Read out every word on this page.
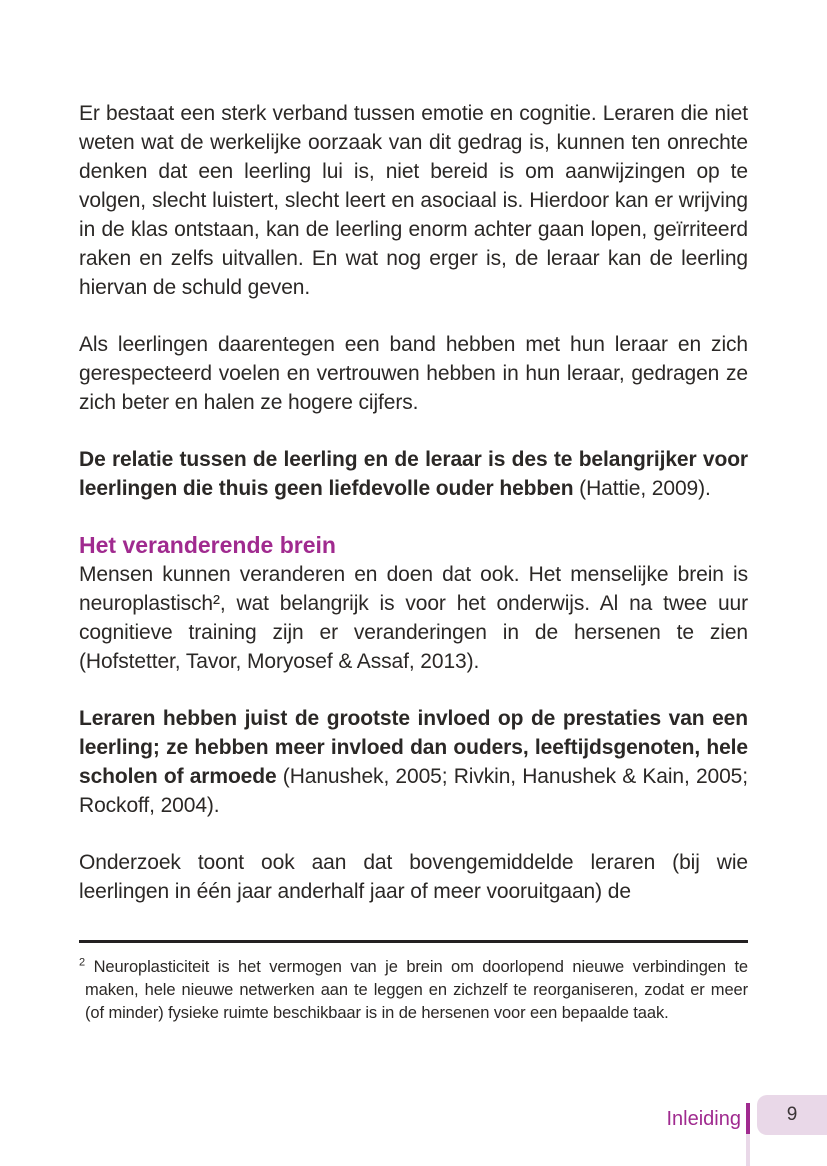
Er bestaat een sterk verband tussen emotie en cognitie. Leraren die niet weten wat de werkelijke oorzaak van dit gedrag is, kunnen ten onrechte denken dat een leerling lui is, niet bereid is om aanwijzingen op te volgen, slecht luistert, slecht leert en asociaal is. Hierdoor kan er wrijving in de klas ontstaan, kan de leerling enorm achter gaan lopen, geïrriteerd raken en zelfs uitvallen. En wat nog erger is, de leraar kan de leerling hiervan de schuld geven.

Als leerlingen daarentegen een band hebben met hun leraar en zich gerespecteerd voelen en vertrouwen hebben in hun leraar, gedragen ze zich beter en halen ze hogere cijfers.

De relatie tussen de leerling en de leraar is des te belangrijker voor leerlingen die thuis geen liefdevolle ouder hebben (Hattie, 2009).

Het veranderende brein

Mensen kunnen veranderen en doen dat ook. Het menselijke brein is neuroplastisch², wat belangrijk is voor het onderwijs. Al na twee uur cognitieve training zijn er veranderingen in de hersenen te zien (Hofstetter, Tavor, Moryosef & Assaf, 2013).

Leraren hebben juist de grootste invloed op de prestaties van een leerling; ze hebben meer invloed dan ouders, leeftijdsgenoten, hele scholen of armoede (Hanushek, 2005; Rivkin, Hanushek & Kain, 2005; Rockoff, 2004).

Onderzoek toont ook aan dat bovengemiddelde leraren (bij wie leerlingen in één jaar anderhalf jaar of meer vooruitgaan) de

$^2$ Neuroplasticiteit is het vermogen van je brein om doorlopend nieuwe verbindingen te maken, hele nieuwe netwerken aan te leggen en zichzelf te reorganiseren, zodat er meer (of minder) fysieke ruimte beschikbaar is in de hersenen voor een bepaalde taak.

Inleiding 9
